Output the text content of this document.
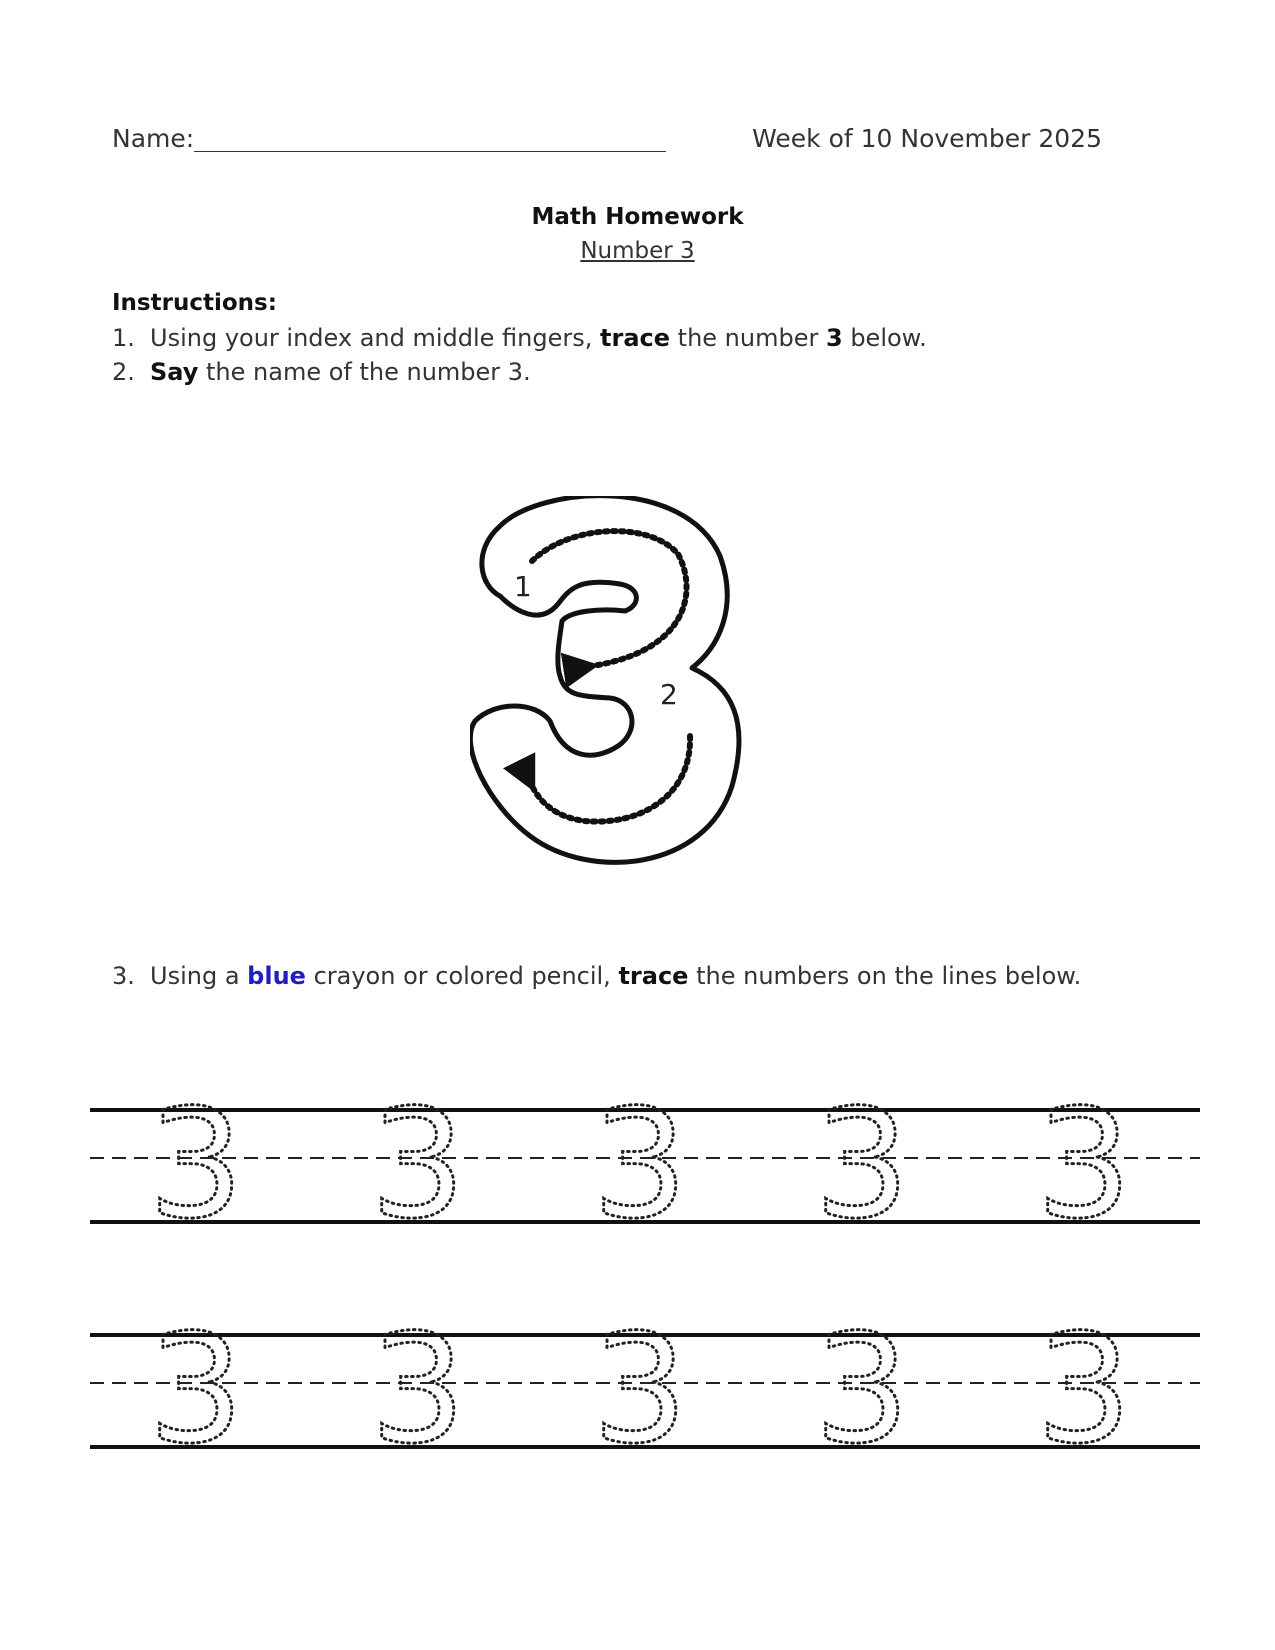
Name:	Week of 10 November 2025
Math Homework
Number 3
Instructions:
1. Using your index and middle fingers, trace the number 3 below.
2. Say the name of the number 3.
1
2
3. Using a blue crayon or colored pencil, trace the numbers on the lines below.
3 3 3 3 3
3 3 3 3 3
